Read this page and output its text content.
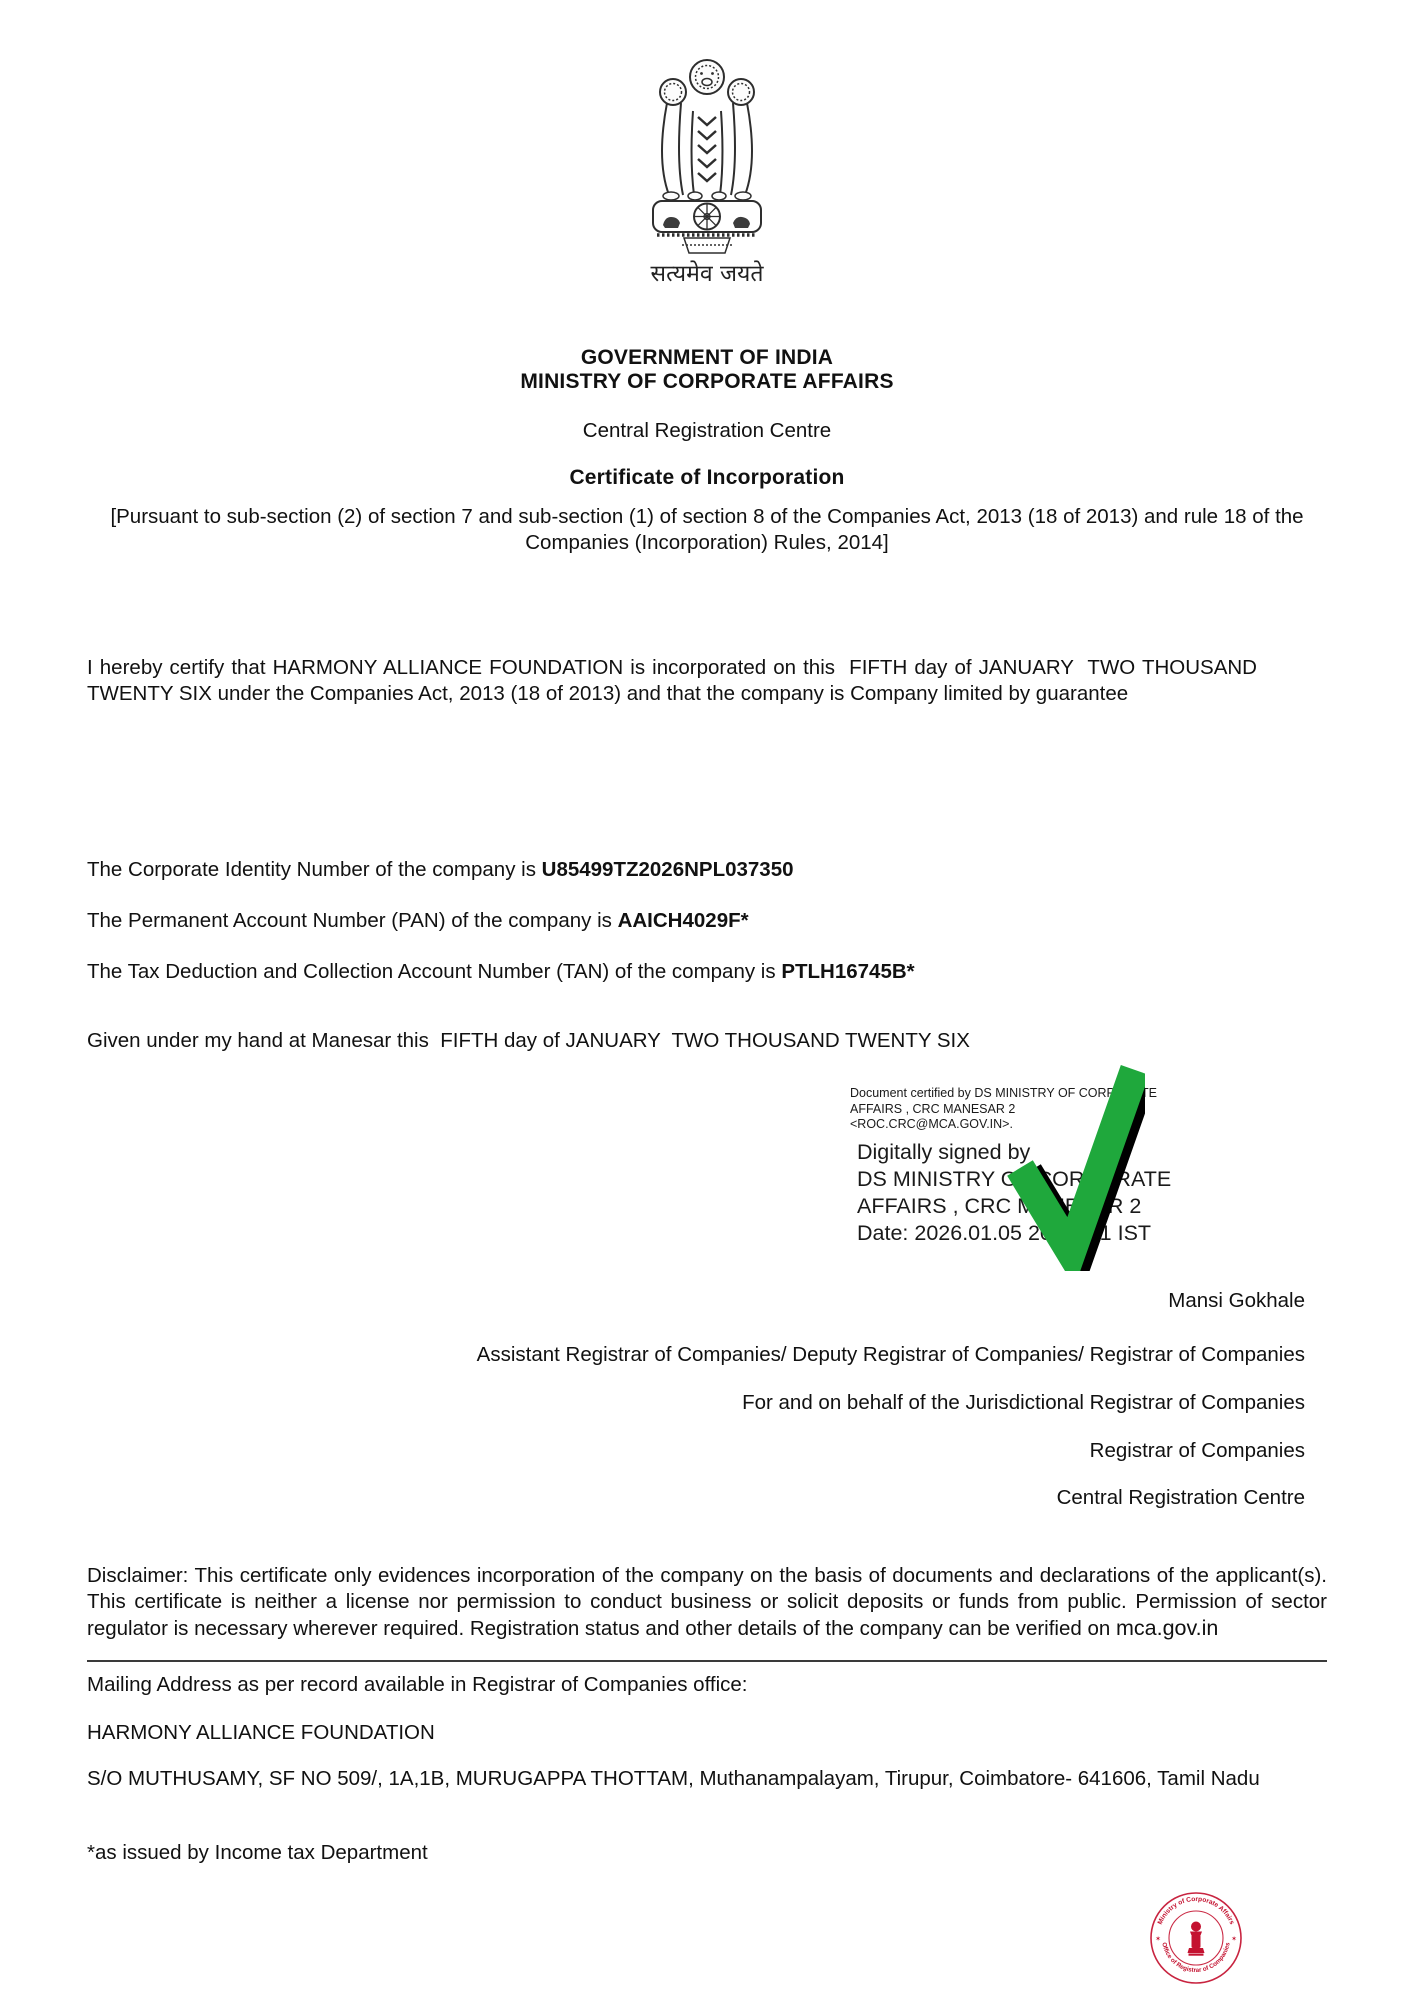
सत्यमेव जयते
GOVERNMENT OF INDIA
MINISTRY OF CORPORATE AFFAIRS
Central Registration Centre
Certificate of Incorporation
[Pursuant to sub-section (2) of section 7 and sub-section (1) of section 8 of the Companies Act, 2013 (18 of 2013) and rule 18 of the Companies (Incorporation) Rules, 2014]
I hereby certify that HARMONY ALLIANCE FOUNDATION is incorporated on this  FIFTH day of JANUARY  TWO THOUSAND TWENTY SIX under the Companies Act, 2013 (18 of 2013) and that the company is Company limited by guarantee
The Corporate Identity Number of the company is U85499TZ2026NPL037350
The Permanent Account Number (PAN) of the company is AAICH4029F*
The Tax Deduction and Collection Account Number (TAN) of the company is PTLH16745B*
Given under my hand at Manesar this  FIFTH day of JANUARY  TWO THOUSAND TWENTY SIX
Document certified by DS MINISTRY OF CORPORATE AFFAIRS , CRC MANESAR 2 <ROC.CRC@MCA.GOV.IN>.
Digitally signed by
DS MINISTRY OF CORPORATE
AFFAIRS , CRC MANESAR 2
Date: 2026.01.05 20:20:21 IST
Mansi Gokhale
Assistant Registrar of Companies/ Deputy Registrar of Companies/ Registrar of Companies
For and on behalf of the Jurisdictional Registrar of Companies
Registrar of Companies
Central Registration Centre
Disclaimer: This certificate only evidences incorporation of the company on the basis of documents and declarations of the applicant(s). This certificate is neither a license nor permission to conduct business or solicit deposits or funds from public. Permission of sector regulator is necessary wherever required. Registration status and other details of the company can be verified on mca.gov.in
Mailing Address as per record available in Registrar of Companies office:
HARMONY ALLIANCE FOUNDATION
S/O MUTHUSAMY, SF NO 509/, 1A,1B, MURUGAPPA THOTTAM, Muthanampalayam, Tirupur, Coimbatore- 641606, Tamil Nadu
*as issued by Income tax Department
Ministry of Corporate Affairs
Office of Registrar of Companies
✶	✶
